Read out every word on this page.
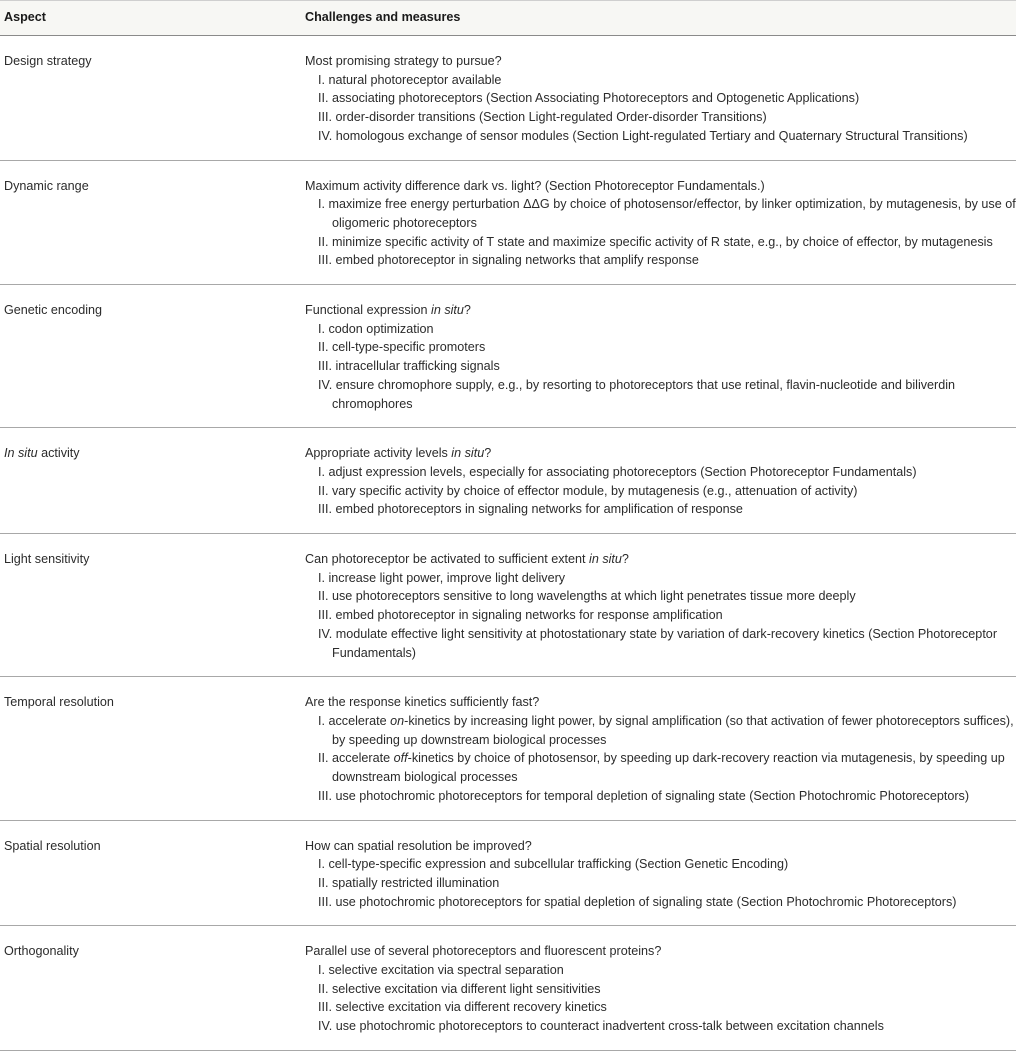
Aspect	Challenges and measures
Design strategy	Most promising strategy to pursue?
I. natural photoreceptor available
II. associating photoreceptors (Section Associating Photoreceptors and Optogenetic Applications)
III. order-disorder transitions (Section Light-regulated Order-disorder Transitions)
IV. homologous exchange of sensor modules (Section Light-regulated Tertiary and Quaternary Structural Transitions)
Dynamic range	Maximum activity difference dark vs. light? (Section Photoreceptor Fundamentals.)
I. maximize free energy perturbation ΔΔG by choice of photosensor/effector, by linker optimization, by mutagenesis, by use of oligomeric photoreceptors
II. minimize specific activity of T state and maximize specific activity of R state, e.g., by choice of effector, by mutagenesis
III. embed photoreceptor in signaling networks that amplify response
Genetic encoding	Functional expression in situ?
I. codon optimization
II. cell-type-specific promoters
III. intracellular trafficking signals
IV. ensure chromophore supply, e.g., by resorting to photoreceptors that use retinal, flavin-nucleotide and biliverdin chromophores
In situ activity	Appropriate activity levels in situ?
I. adjust expression levels, especially for associating photoreceptors (Section Photoreceptor Fundamentals)
II. vary specific activity by choice of effector module, by mutagenesis (e.g., attenuation of activity)
III. embed photoreceptors in signaling networks for amplification of response
Light sensitivity	Can photoreceptor be activated to sufficient extent in situ?
I. increase light power, improve light delivery
II. use photoreceptors sensitive to long wavelengths at which light penetrates tissue more deeply
III. embed photoreceptor in signaling networks for response amplification
IV. modulate effective light sensitivity at photostationary state by variation of dark-recovery kinetics (Section Photoreceptor Fundamentals)
Temporal resolution	Are the response kinetics sufficiently fast?
I. accelerate on-kinetics by increasing light power, by signal amplification (so that activation of fewer photoreceptors suffices), by speeding up downstream biological processes
II. accelerate off-kinetics by choice of photosensor, by speeding up dark-recovery reaction via mutagenesis, by speeding up downstream biological processes
III. use photochromic photoreceptors for temporal depletion of signaling state (Section Photochromic Photoreceptors)
Spatial resolution	How can spatial resolution be improved?
I. cell-type-specific expression and subcellular trafficking (Section Genetic Encoding)
II. spatially restricted illumination
III. use photochromic photoreceptors for spatial depletion of signaling state (Section Photochromic Photoreceptors)
Orthogonality	Parallel use of several photoreceptors and fluorescent proteins?
I. selective excitation via spectral separation
II. selective excitation via different light sensitivities
III. selective excitation via different recovery kinetics
IV. use photochromic photoreceptors to counteract inadvertent cross-talk between excitation channels
